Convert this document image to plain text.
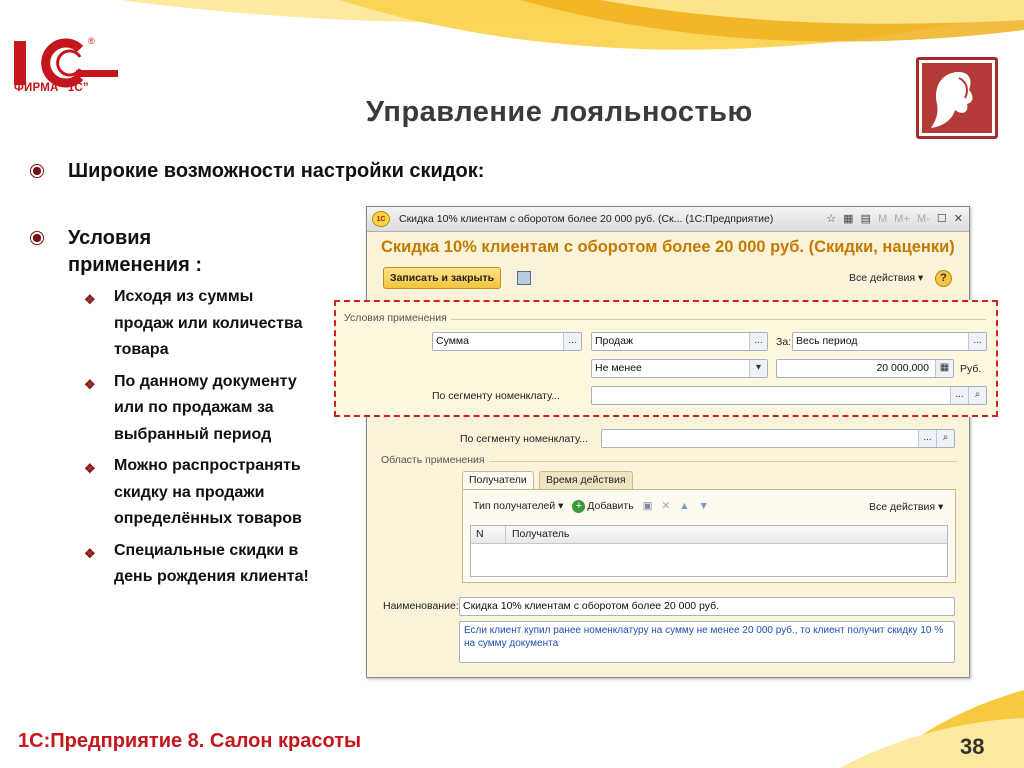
®
ФИРМА “1С”
Управление лояльностью
Широкие возможности настройки скидок:
Условия применения :
❖ Исходя из суммы продаж или количества товара
❖ По данному документу или по продажам за выбранный период
❖ Можно распространять скидку на продажи определённых товаров
❖ Специальные скидки в день рождения клиента!
1С	Скидка 10% клиентам с оборотом более 20 000 руб. (Ск... (1С:Предприятие)	☆ ▦ ▤ M M+ M- ☐ ✕
Скидка 10% клиентам с оборотом более 20 000 руб. (Скидки, наценки)
Записать и закрыть	Все действия ▾	?
По сегменту номенклату...	...	⌕
Область применения
Получатели	Время действия
Тип получателей ▾ + Добавить ▣ ✕ ▲ ▼	Все действия ▾
N	Получатель
Наименование: Скидка 10% клиентам с оборотом более 20 000 руб.
Если клиент купил ранее номенклатуру на сумму не менее 20 000 руб., то клиент получит скидку 10 % на сумму документа
Условия применения
Сумма	...	Продаж	...	За: Весь период	...
Не менее	▾	20 000,000	▦	Руб.
По сегменту номенклату...	...	⌕
1С:Предприятие 8. Салон красоты	38
